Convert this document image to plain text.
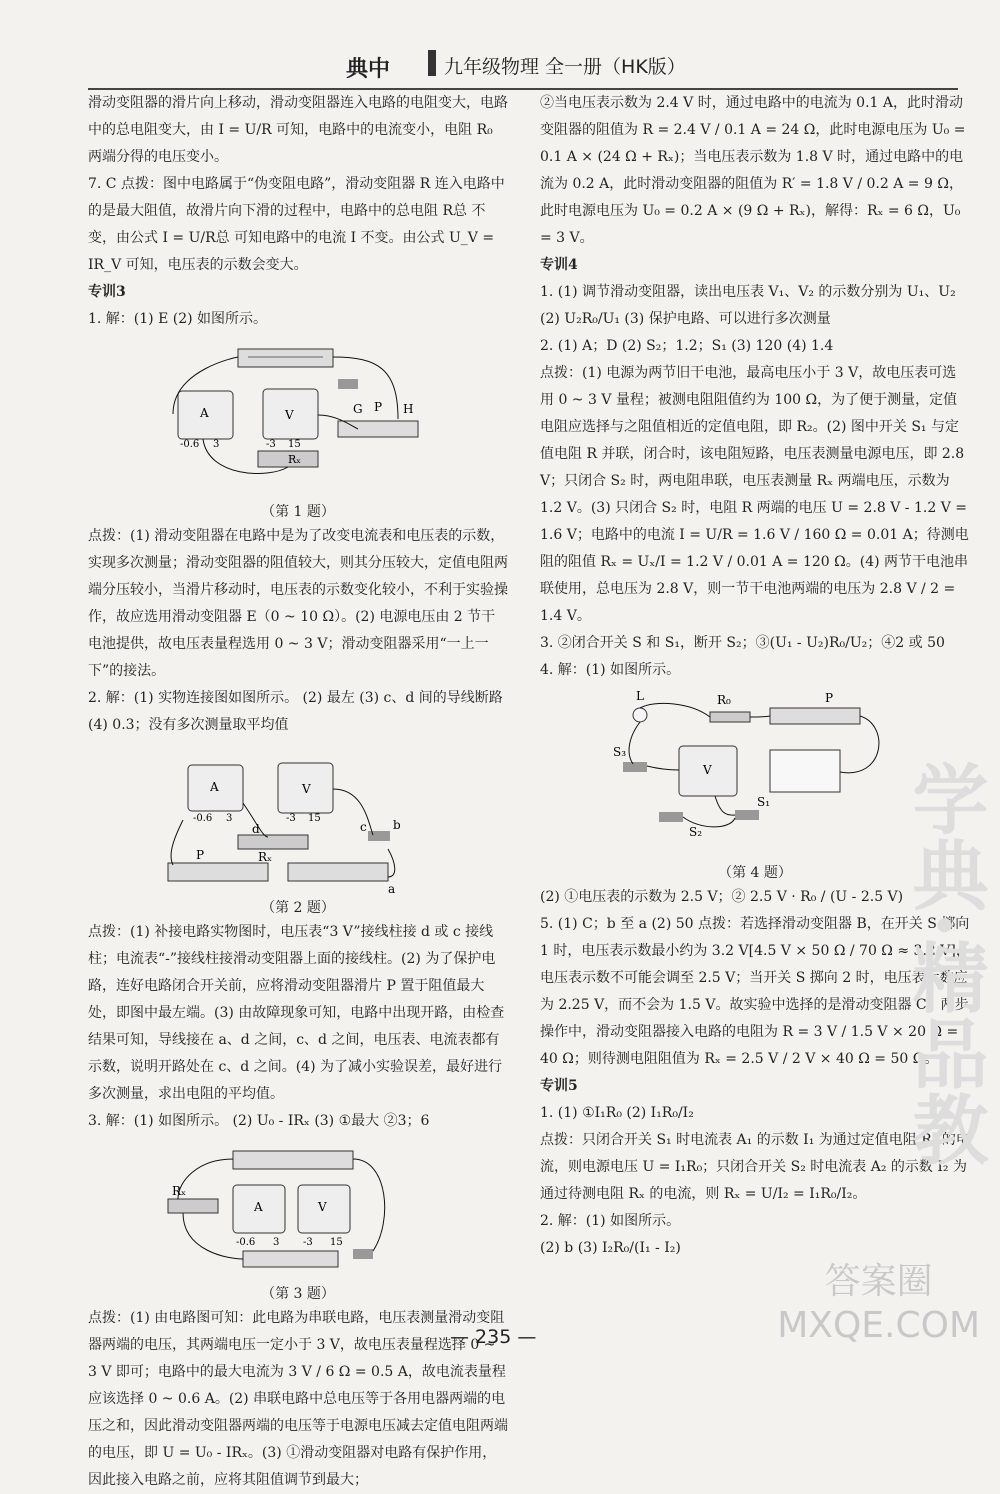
典中	九年级物理 全一册（HK版）

滑动变阻器的滑片向上移动，滑动变阻器连入电路的电阻变大，电路中的总电阻变大，由 I = U/R 可知，电路中的电流变小，电阻 R₀ 两端分得的电压变小。

7. C 点拨：图中电路属于“伪变阻电路”，滑动变阻器 R 连入电路中的是最大阻值，故滑片向下滑的过程中，电路中的总电阻 R总 不变，由公式 I = U/R总 可知电路中的电流 I 不变。由公式 U_V = IR_V 可知，电压表的示数会变大。

专训3

1. 解：(1) E (2) 如图所示。

G P H
-0.6 3	-3 15
Rₓ
A	V
（第 1 题）

点拨：(1) 滑动变阻器在电路中是为了改变电流表和电压表的示数，实现多次测量；滑动变阻器的阻值较大，则其分压较大，定值电阻两端分压较小，当滑片移动时，电压表的示数变化较小，不利于实验操作，故应选用滑动变阻器 E（0 ~ 10 Ω）。(2) 电源电压由 2 节干电池提供，故电压表量程选用 0 ~ 3 V；滑动变阻器采用“一上一下”的接法。

2. 解：(1) 实物连接图如图所示。 (2) 最左 (3) c、d 间的导线断路 (4) 0.3；没有多次测量取平均值

-0.6 3	-3 15
c b
d
a
P	Rₓ
A	V
（第 2 题）

点拨：(1) 补接电路实物图时，电压表“3 V”接线柱接 d 或 c 接线柱；电流表“-”接线柱接滑动变阻器上面的接线柱。(2) 为了保护电路，连好电路闭合开关前，应将滑动变阻器滑片 P 置于阻值最大处，即图中最左端。(3) 由故障现象可知，电路中出现开路，由检查结果可知，导线接在 a、d 之间，c、d 之间，电压表、电流表都有示数，说明开路处在 c、d 之间。(4) 为了减小实验误差，最好进行多次测量，求出电阻的平均值。

3. 解：(1) 如图所示。 (2) U₀ - IRₓ (3) ①最大 ②3；6

Rₓ
-0.6 3 -3 15
A	V
（第 3 题）

点拨：(1) 由电路图可知：此电路为串联电路，电压表测量滑动变阻器两端的电压，其两端电压一定小于 3 V，故电压表量程选择 0 ~ 3 V 即可；电路中的最大电流为 3 V / 6 Ω = 0.5 A，故电流表量程应该选择 0 ~ 0.6 A。(2) 串联电路中总电压等于各用电器两端的电压之和，因此滑动变阻器两端的电压等于电源电压减去定值电阻两端的电压，即 U = U₀ - IRₓ。(3) ①滑动变阻器对电路有保护作用，因此接入电路之前，应将其阻值调节到最大；

②当电压表示数为 2.4 V 时，通过电路中的电流为 0.1 A，此时滑动变阻器的阻值为 R = 2.4 V / 0.1 A = 24 Ω，此时电源电压为 U₀ = 0.1 A × (24 Ω + Rₓ)；当电压表示数为 1.8 V 时，通过电路中的电流为 0.2 A，此时滑动变阻器的阻值为 R′ = 1.8 V / 0.2 A = 9 Ω，此时电源电压为 U₀ = 0.2 A × (9 Ω + Rₓ)，解得：Rₓ = 6 Ω，U₀ = 3 V。

专训4

1. (1) 调节滑动变阻器，读出电压表 V₁、V₂ 的示数分别为 U₁、U₂ (2) U₂R₀/U₁ (3) 保护电路、可以进行多次测量

2. (1) A；D (2) S₂；1.2；S₁ (3) 120 (4) 1.4

点拨：(1) 电源为两节旧干电池，最高电压小于 3 V，故电压表可选用 0 ~ 3 V 量程；被测电阻阻值约为 100 Ω，为了便于测量，定值电阻应选择与之阻值相近的定值电阻，即 R₂。(2) 图中开关 S₁ 与定值电阻 R 并联，闭合时，该电阻短路，电压表测量电源电压，即 2.8 V；只闭合 S₂ 时，两电阻串联，电压表测量 Rₓ 两端电压，示数为 1.2 V。(3) 只闭合 S₂ 时，电阻 R 两端的电压 U = 2.8 V - 1.2 V = 1.6 V；电路中的电流 I = U/R = 1.6 V / 160 Ω = 0.01 A；待测电阻的阻值 Rₓ = Uₓ/I = 1.2 V / 0.01 A = 120 Ω。(4) 两节干电池串联使用，总电压为 2.8 V，则一节干电池两端的电压为 2.8 V / 2 = 1.4 V。

3. ②闭合开关 S 和 S₁，断开 S₂；③(U₁ - U₂)R₀/U₂；④2 或 50

4. 解：(1) 如图所示。

L	R₀	P
S₃
S₂
S₁
V
（第 4 题）

(2) ①电压表的示数为 2.5 V；② 2.5 V · R₀ / (U - 2.5 V)

5. (1) C；b 至 a (2) 50 点拨：若选择滑动变阻器 B，在开关 S 掷向 1 时，电压表示数最小约为 3.2 V[4.5 V × 50 Ω / 70 Ω ≈ 3.2 V]，电压表示数不可能会调至 2.5 V；当开关 S 掷向 2 时，电压表示数应为 2.25 V，而不会为 1.5 V。故实验中选择的是滑动变阻器 C。两步操作中，滑动变阻器接入电路的电阻为 R = 3 V / 1.5 V × 20 Ω = 40 Ω；则待测电阻阻值为 Rₓ = 2.5 V / 2 V × 40 Ω = 50 Ω。

专训5

1. (1) ①I₁R₀ (2) I₁R₀/I₂

点拨：只闭合开关 S₁ 时电流表 A₁ 的示数 I₁ 为通过定值电阻 R₀ 的电流，则电源电压 U = I₁R₀；只闭合开关 S₂ 时电流表 A₂ 的示数 I₂ 为通过待测电阻 Rₓ 的电流，则 Rₓ = U/I₂ = I₁R₀/I₂。

2. 解：(1) 如图所示。

(2) b (3) I₂R₀/(I₁ - I₂)

学典·精品教
答案圈
MXQE.COM
— 235 —
